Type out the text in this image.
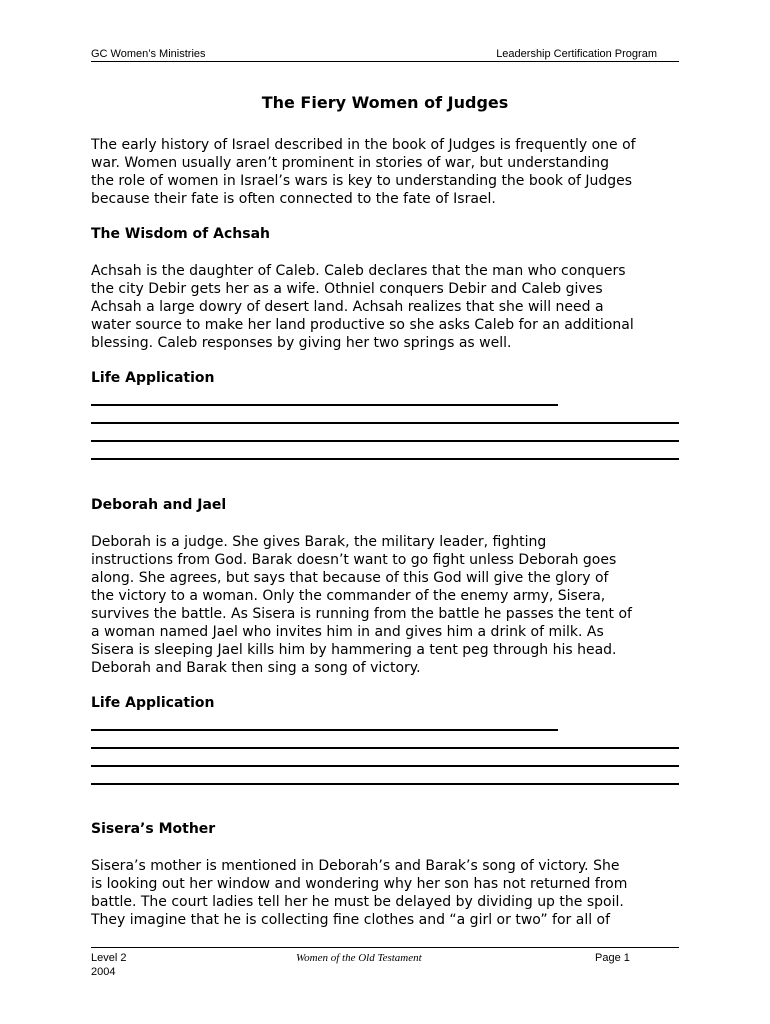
GC Women’s Ministries	Leadership Certification Program
The Fiery Women of Judges
The early history of Israel described in the book of Judges is frequently one of
war. Women usually aren’t prominent in stories of war, but understanding
the role of women in Israel’s wars is key to understanding the book of Judges
because their fate is often connected to the fate of Israel.
The Wisdom of Achsah
Achsah is the daughter of Caleb. Caleb declares that the man who conquers
the city Debir gets her as a wife. Othniel conquers Debir and Caleb gives
Achsah a large dowry of desert land. Achsah realizes that she will need a
water source to make her land productive so she asks Caleb for an additional
blessing. Caleb responses by giving her two springs as well.
Life Application
Deborah and Jael
Deborah is a judge. She gives Barak, the military leader, fighting
instructions from God. Barak doesn’t want to go fight unless Deborah goes
along. She agrees, but says that because of this God will give the glory of
the victory to a woman. Only the commander of the enemy army, Sisera,
survives the battle. As Sisera is running from the battle he passes the tent of
a woman named Jael who invites him in and gives him a drink of milk. As
Sisera is sleeping Jael kills him by hammering a tent peg through his head.
Deborah and Barak then sing a song of victory.
Life Application
Sisera’s Mother
Sisera’s mother is mentioned in Deborah’s and Barak’s song of victory. She
is looking out her window and wondering why her son has not returned from
battle. The court ladies tell her he must be delayed by dividing up the spoil.
They imagine that he is collecting fine clothes and “a girl or two” for all of
Level 2
2004
Women of the Old Testament	Page 1
